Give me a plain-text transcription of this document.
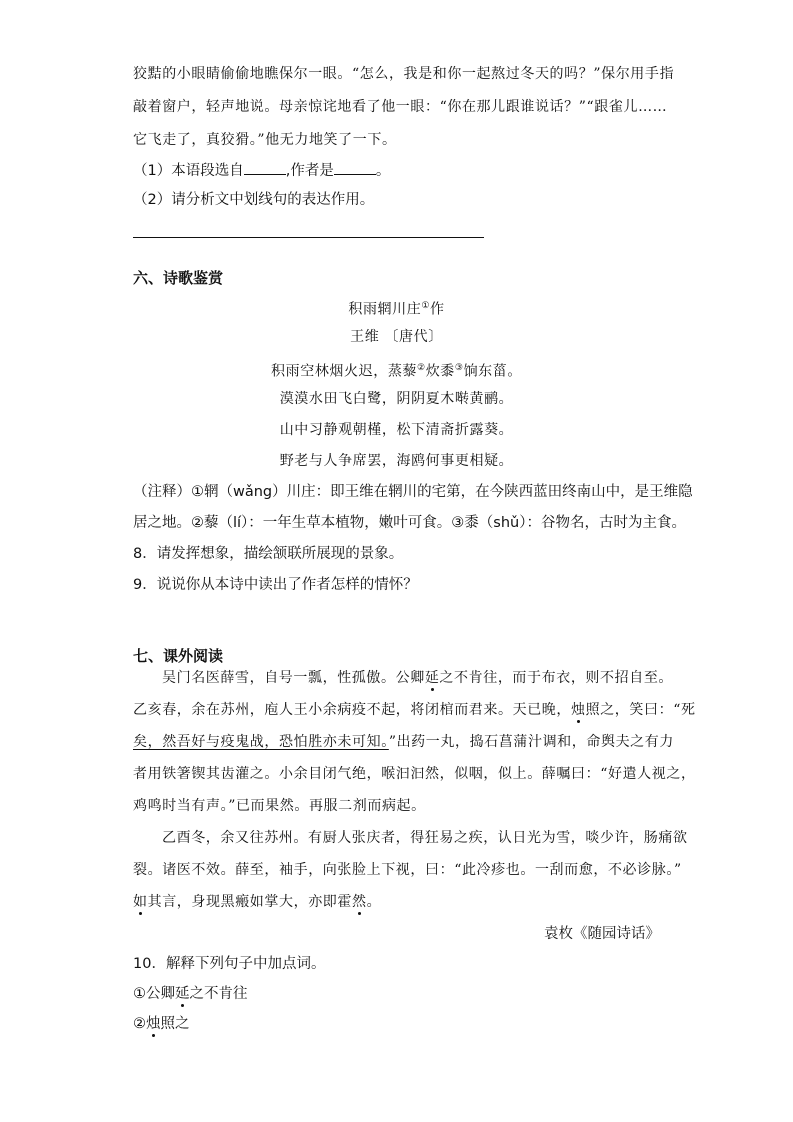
狡黠的小眼睛偷偷地瞧保尔一眼。“怎么，我是和你一起熬过冬天的吗？”保尔用手指
敲着窗户，轻声地说。母亲惊诧地看了他一眼：“你在那儿跟谁说话？”“跟雀儿……
它飞走了，真狡猾。”他无力地笑了一下。
（1）本语段选自	,作者是	。
（2）请分析文中划线句的表达作用。
六、诗歌鉴赏
积雨辋川庄①作
王维 〔唐代〕
积雨空林烟火迟，蒸藜②炊黍③饷东菑。
漠漠水田飞白鹭，阴阴夏木啭黄鹂。
山中习静观朝槿，松下清斋折露葵。
野老与人争席罢，海鸥何事更相疑。
（注释）①辋（wǎng）川庄：即王维在辋川的宅第，在今陕西蓝田终南山中，是王维隐
居之地。②藜（lí）：一年生草本植物，嫩叶可食。③黍（shǔ）：谷物名，古时为主食。
8．请发挥想象，描绘颔联所展现的景象。
9．说说你从本诗中读出了作者怎样的情怀？
七、课外阅读
吴门名医薛雪，自号一瓢，性孤傲。公卿延之不肯往，而于布衣，则不招自至。
乙亥春，余在苏州，庖人王小余病疫不起，将闭棺而君来。天已晚，烛照之，笑曰：“死
矣，然吾好与疫鬼战，恐怕胜亦未可知。”出药一丸，捣石菖蒲汁调和，命舆夫之有力
者用铁箸锲其齿灌之。小余目闭气绝，喉汩汩然，似咽，似上。薛嘱曰：“好遣人视之，
鸡鸣时当有声。”已而果然。再服二剂而病起。
乙酉冬，余又往苏州。有厨人张庆者，得狂易之疾，认日光为雪，啖少许，肠痛欲
裂。诸医不效。薛至，袖手，向张脸上下视，曰：“此冷疹也。一刮而愈，不必诊脉。”
如其言，身现黑瘢如掌大，亦即霍然。
袁枚《随园诗话》
10．解释下列句子中加点词。
①公卿延之不肯往
②烛照之
